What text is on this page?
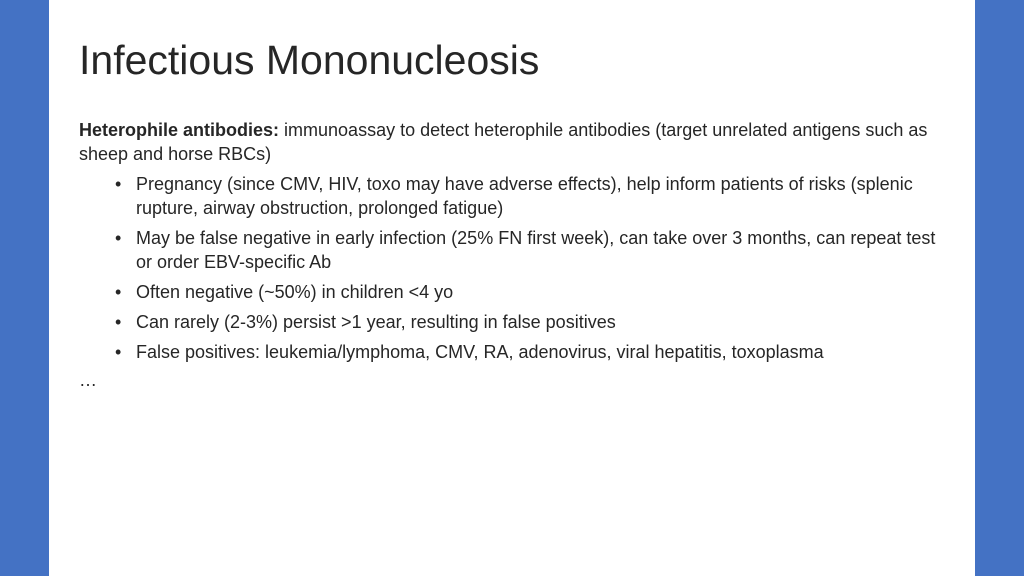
Infectious Mononucleosis

Heterophile antibodies: immunoassay to detect heterophile antibodies (target unrelated antigens such as sheep and horse RBCs)

• Pregnancy (since CMV, HIV, toxo may have adverse effects), help inform patients of risks (splenic rupture, airway obstruction, prolonged fatigue)
• May be false negative in early infection (25% FN first week), can take over 3 months, can repeat test or order EBV-specific Ab
• Often negative (~50%) in children <4 yo
• Can rarely (2-3%) persist >1 year, resulting in false positives
• False positives: leukemia/lymphoma, CMV, RA, adenovirus, viral hepatitis, toxoplasma

…
